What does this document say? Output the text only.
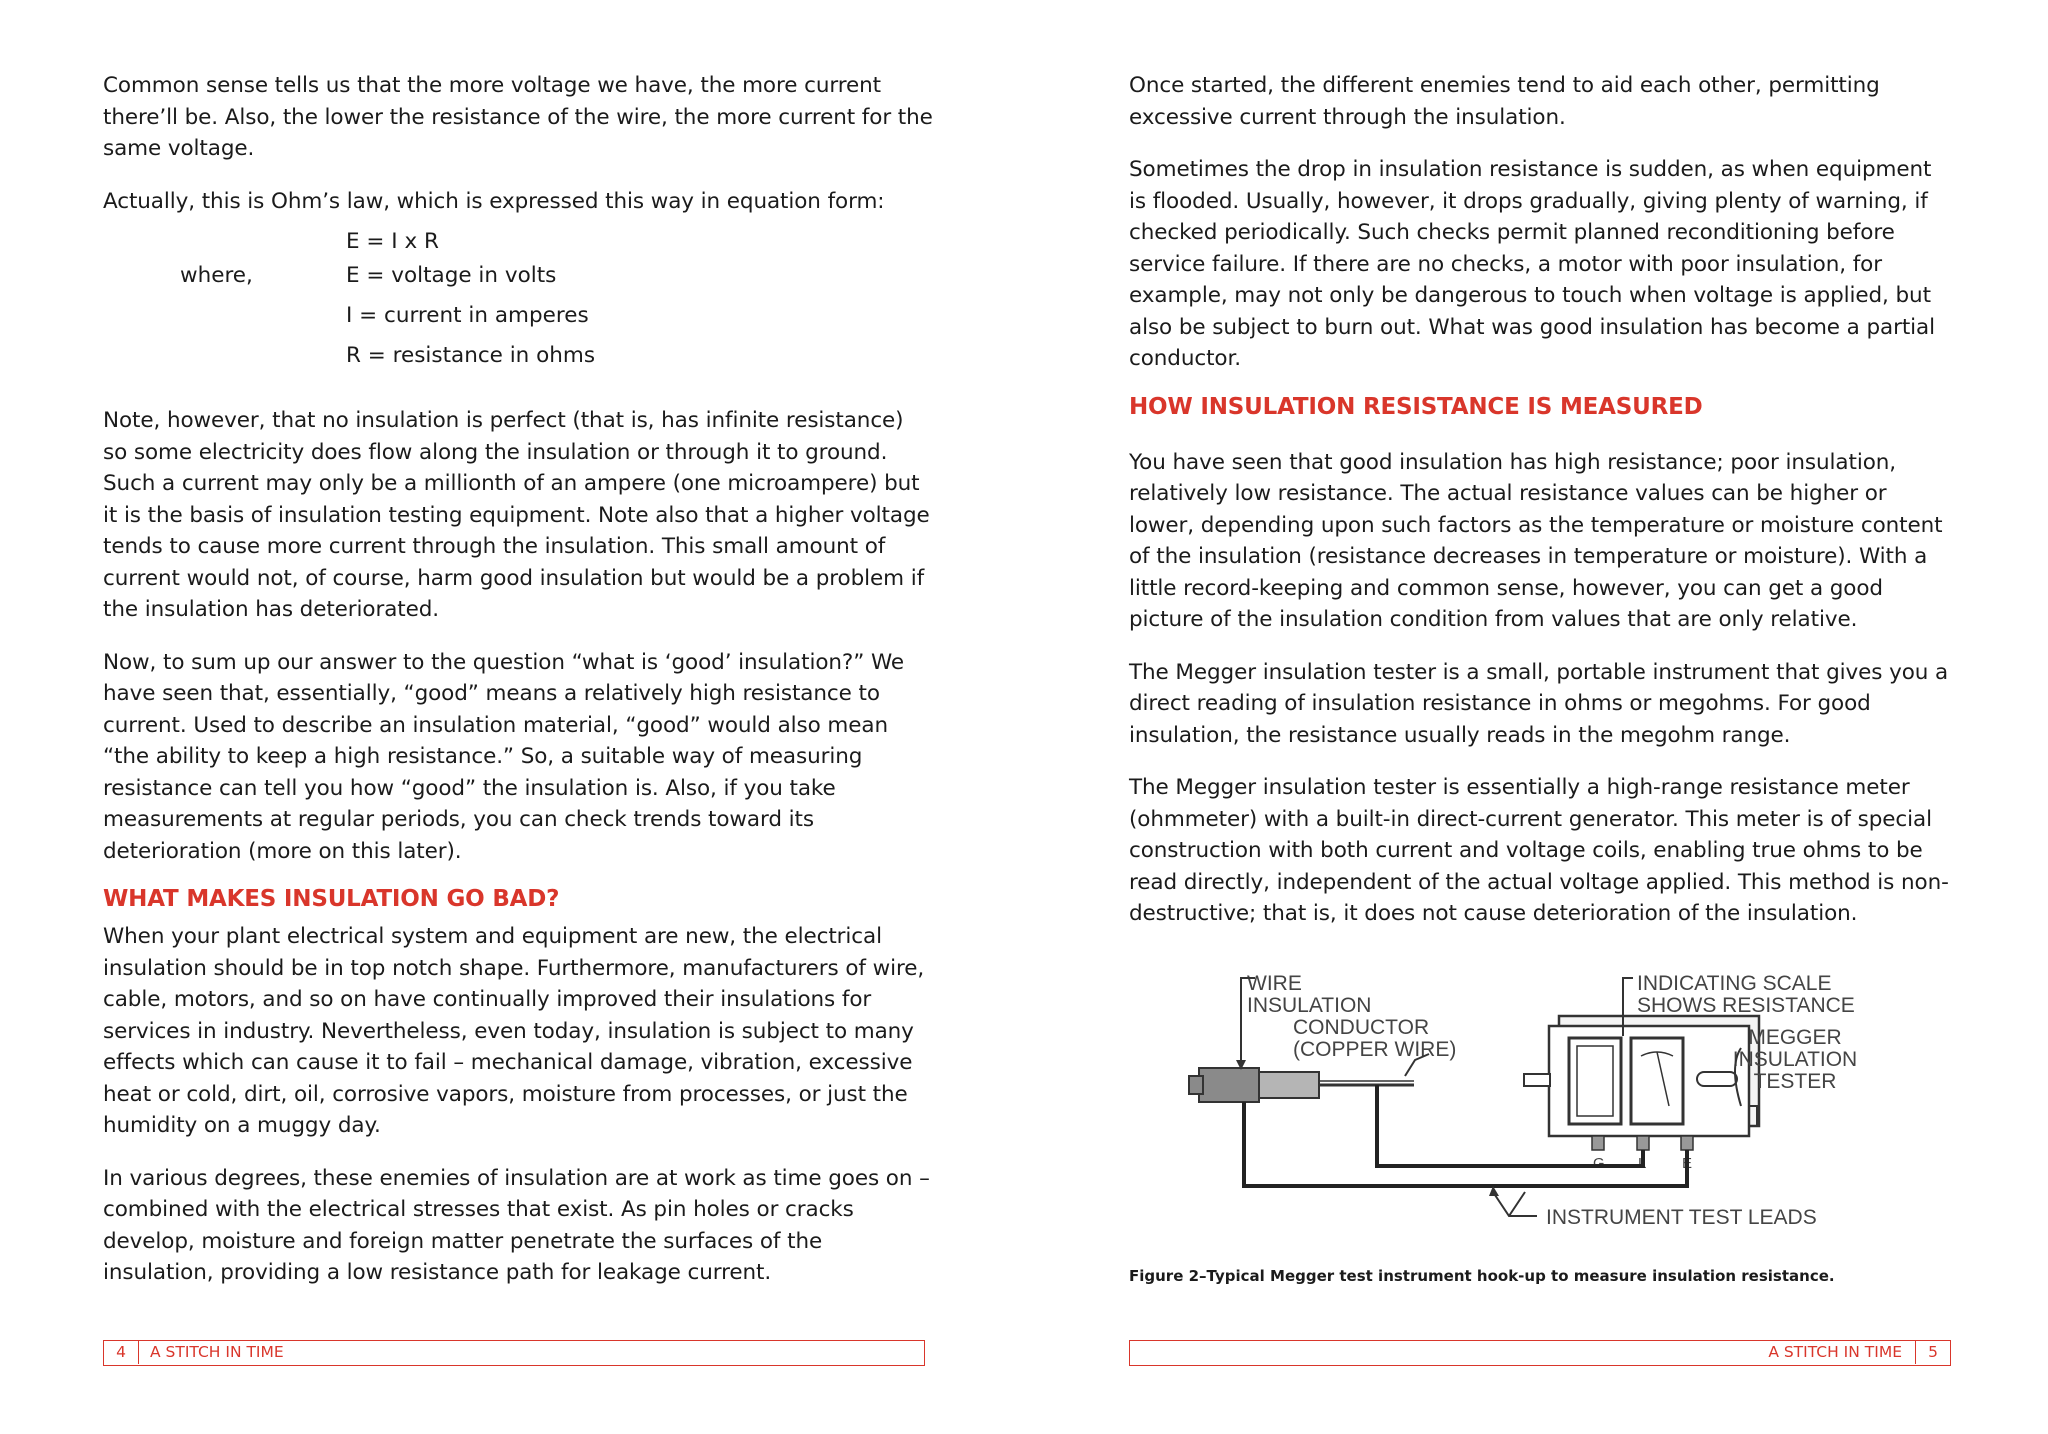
Common sense tells us that the more voltage we have, the more current there’ll be. Also, the lower the resistance of the wire, the more current for the same voltage.

Actually, this is Ohm’s law, which is expressed this way in equation form:

E = I x R
where,	E = voltage in volts
I = current in amperes
R = resistance in ohms

Note, however, that no insulation is perfect (that is, has infinite resistance) so some electricity does flow along the insulation or through it to ground. Such a current may only be a millionth of an ampere (one microampere) but it is the basis of insulation testing equipment. Note also that a higher voltage tends to cause more current through the insulation. This small amount of current would not, of course, harm good insulation but would be a problem if the insulation has deteriorated.

Now, to sum up our answer to the question “what is ‘good’ insulation?” We have seen that, essentially, “good” means a relatively high resistance to current. Used to describe an insulation material, “good” would also mean “the ability to keep a high resistance.” So, a suitable way of measuring resistance can tell you how “good” the insulation is. Also, if you take measurements at regular periods, you can check trends toward its deterioration (more on this later).

WHAT MAKES INSULATION GO BAD?

When your plant electrical system and equipment are new, the electrical insulation should be in top notch shape. Furthermore, manufacturers of wire, cable, motors, and so on have continually improved their insulations for services in industry. Nevertheless, even today, insulation is subject to many effects which can cause it to fail – mechanical damage, vibration, excessive heat or cold, dirt, oil, corrosive vapors, moisture from processes, or just the humidity on a muggy day.

In various degrees, these enemies of insulation are at work as time goes on – combined with the electrical stresses that exist. As pin holes or cracks develop, moisture and foreign matter penetrate the surfaces of the insulation, providing a low resistance path for leakage current.

4	A STITCH IN TIME

Once started, the different enemies tend to aid each other, permitting excessive current through the insulation.

Sometimes the drop in insulation resistance is sudden, as when equipment is flooded. Usually, however, it drops gradually, giving plenty of warning, if checked periodically. Such checks permit planned reconditioning before service failure. If there are no checks, a motor with poor insulation, for example, may not only be dangerous to touch when voltage is applied, but also be subject to burn out. What was good insulation has become a partial conductor.

HOW INSULATION RESISTANCE IS MEASURED

You have seen that good insulation has high resistance; poor insulation, relatively low resistance. The actual resistance values can be higher or lower, depending upon such factors as the temperature or moisture content of the insulation (resistance decreases in temperature or moisture). With a little record-keeping and common sense, however, you can get a good picture of the insulation condition from values that are only relative.

The Megger insulation tester is a small, portable instrument that gives you a direct reading of insulation resistance in ohms or megohms. For good insulation, the resistance usually reads in the megohm range.

The Megger insulation tester is essentially a high-range resistance meter (ohmmeter) with a built-in direct-current generator. This meter is of special construction with both current and voltage coils, enabling true ohms to be read directly, independent of the actual voltage applied. This method is non-destructive; that is, it does not cause deterioration of the insulation.

WIRE
INSULATION
CONDUCTOR
(COPPER WIRE)
G L E
INDICATING SCALE
SHOWS RESISTANCE
MEGGER
INSULATION
TESTER
INSTRUMENT TEST LEADS
Figure 2–Typical Megger test instrument hook-up to measure insulation resistance.
A STITCH IN TIME	5
